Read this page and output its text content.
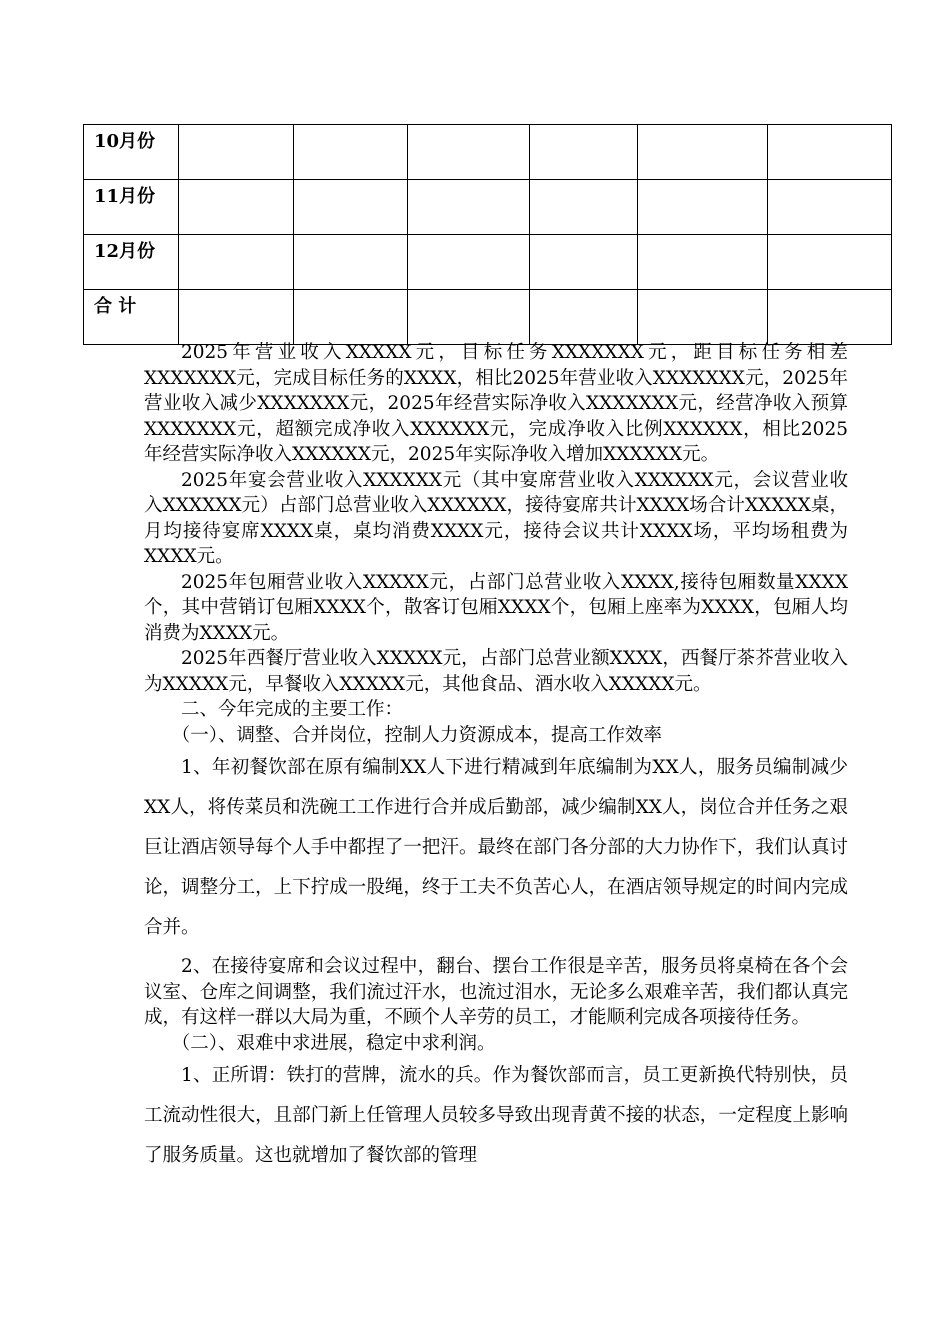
10月份						
11月份						
12月份						
合 计						

2025年营业收入XXXXX元，目标任务XXXXXXX元，距目标任务相差XXXXXXX元，完成目标任务的XXXX，相比2025年营业收入XXXXXXX元，2025年营业收入减少XXXXXXX元，2025年经营实际净收入XXXXXXX元，经营净收入预算XXXXXXX元，超额完成净收入XXXXXX元，完成净收入比例XXXXXX，相比2025年经营实际净收入XXXXXX元，2025年实际净收入增加XXXXXX元。

2025年宴会营业收入XXXXXX元（其中宴席营业收入XXXXXX元，会议营业收入XXXXXX元）占部门总营业收入XXXXXX，接待宴席共计XXXX场合计XXXXX桌，月均接待宴席XXXX桌，桌均消费XXXX元，接待会议共计XXXX场，平均场租费为XXXX元。

2025年包厢营业收入XXXXX元，占部门总营业收入XXXX,接待包厢数量XXXX个，其中营销订包厢XXXX个，散客订包厢XXXX个，包厢上座率为XXXX，包厢人均消费为XXXX元。

2025年西餐厅营业收入XXXXX元，占部门总营业额XXXX，西餐厅茶芥营业收入为XXXXX元，早餐收入XXXXX元，其他食品、酒水收入XXXXX元。

二、今年完成的主要工作：

（一）、调整、合并岗位，控制人力资源成本，提高工作效率

1、年初餐饮部在原有编制XX人下进行精减到年底编制为XX人，服务员编制减少XX人，将传菜员和洗碗工工作进行合并成后勤部，减少编制XX人，岗位合并任务之艰巨让酒店领导每个人手中都捏了一把汗。最终在部门各分部的大力协作下，我们认真讨论，调整分工，上下拧成一股绳，终于工夫不负苦心人，在酒店领导规定的时间内完成合并。

2、在接待宴席和会议过程中，翻台、摆台工作很是辛苦，服务员将桌椅在各个会议室、仓库之间调整，我们流过汗水，也流过泪水，无论多么艰难辛苦，我们都认真完成，有这样一群以大局为重，不顾个人辛劳的员工，才能顺利完成各项接待任务。

（二）、艰难中求进展，稳定中求利润。

1、正所谓：铁打的营牌，流水的兵。作为餐饮部而言，员工更新换代特别快，员工流动性很大，且部门新上任管理人员较多导致出现青黄不接的状态，一定程度上影响了服务质量。这也就增加了餐饮部的管理
